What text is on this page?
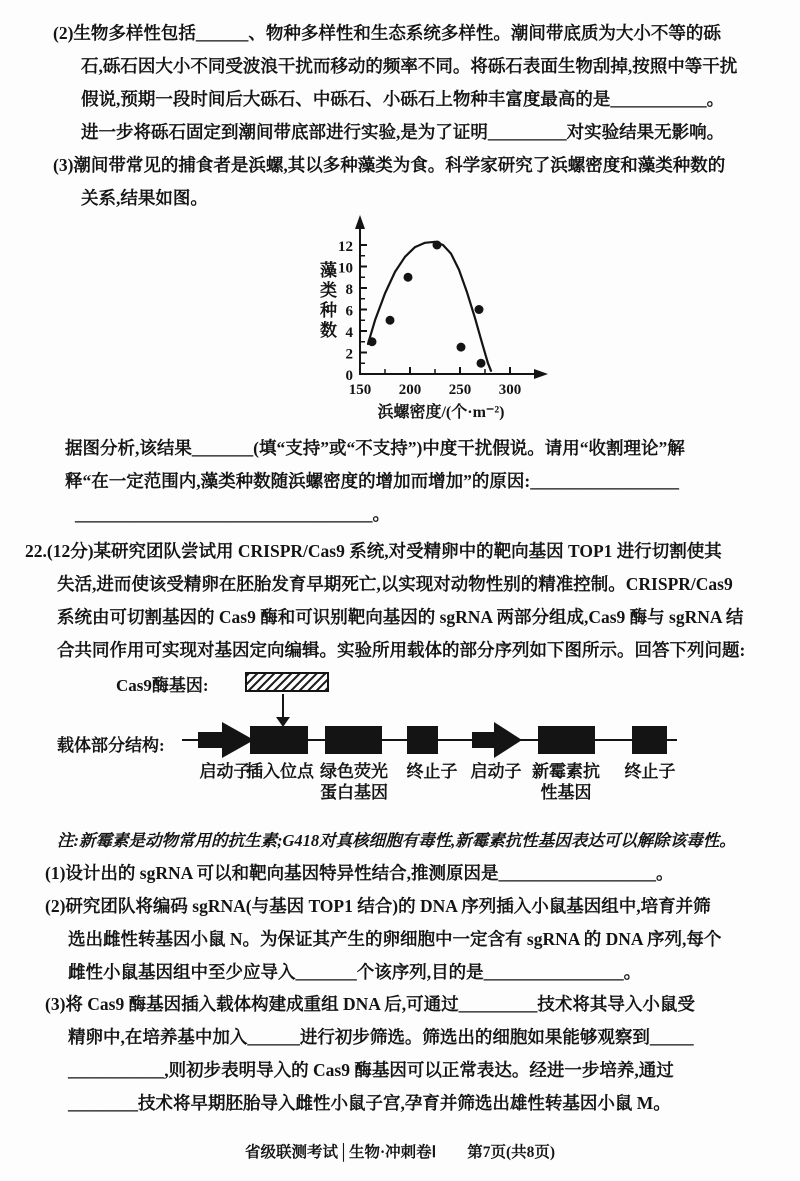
(2)生物多样性包括______、物种多样性和生态系统多样性。潮间带底质为大小不等的砾
石,砾石因大小不同受波浪干扰而移动的频率不同。将砾石表面生物刮掉,按照中等干扰
假说,预期一段时间后大砾石、中砾石、小砾石上物种丰富度最高的是___________。
进一步将砾石固定到潮间带底部进行实验,是为了证明_________对实验结果无影响。
(3)潮间带常见的捕食者是浜螺,其以多种藻类为食。科学家研究了浜螺密度和藻类种数的
关系,结果如图。
150 200 250 300
0
2
4
6
8
10
12
藻类种数
浜螺密度/(个·m⁻²)
据图分析,该结果_______(填“支持”或“不支持”)中度干扰假说。请用“收割理论”解
释“在一定范围内,藻类种数随浜螺密度的增加而增加”的原因:_________________
__________________________________。
22.(12分)某研究团队尝试用 CRISPR/Cas9 系统,对受精卵中的靶向基因 TOP1 进行切割使其
失活,进而使该受精卵在胚胎发育早期死亡,以实现对动物性别的精准控制。CRISPR/Cas9
系统由可切割基因的 Cas9 酶和可识别靶向基因的 sgRNA 两部分组成,Cas9 酶与 sgRNA 结
合共同作用可实现对基因定向编辑。实验所用载体的部分序列如下图所示。回答下列问题:
Cas9酶基因:
载体部分结构:
启动子
插入位点 绿色荧光
蛋白基因
终止子 启动子 新霉素抗
性基因
终止子
注:新霉素是动物常用的抗生素;G418对真核细胞有毒性,新霉素抗性基因表达可以解除该毒性。
(1)设计出的 sgRNA 可以和靶向基因特异性结合,推测原因是__________________。
(2)研究团队将编码 sgRNA(与基因 TOP1 结合)的 DNA 序列插入小鼠基因组中,培育并筛
选出雌性转基因小鼠 N。为保证其产生的卵细胞中一定含有 sgRNA 的 DNA 序列,每个
雌性小鼠基因组中至少应导入_______个该序列,目的是________________。
(3)将 Cas9 酶基因插入载体构建成重组 DNA 后,可通过_________技术将其导入小鼠受
精卵中,在培养基中加入______进行初步筛选。筛选出的细胞如果能够观察到_____
___________,则初步表明导入的 Cas9 酶基因可以正常表达。经进一步培养,通过
________技术将早期胚胎导入雌性小鼠子宫,孕育并筛选出雄性转基因小鼠 M。
省级联测考试│生物·冲刺卷Ⅰ　　第7页(共8页)
